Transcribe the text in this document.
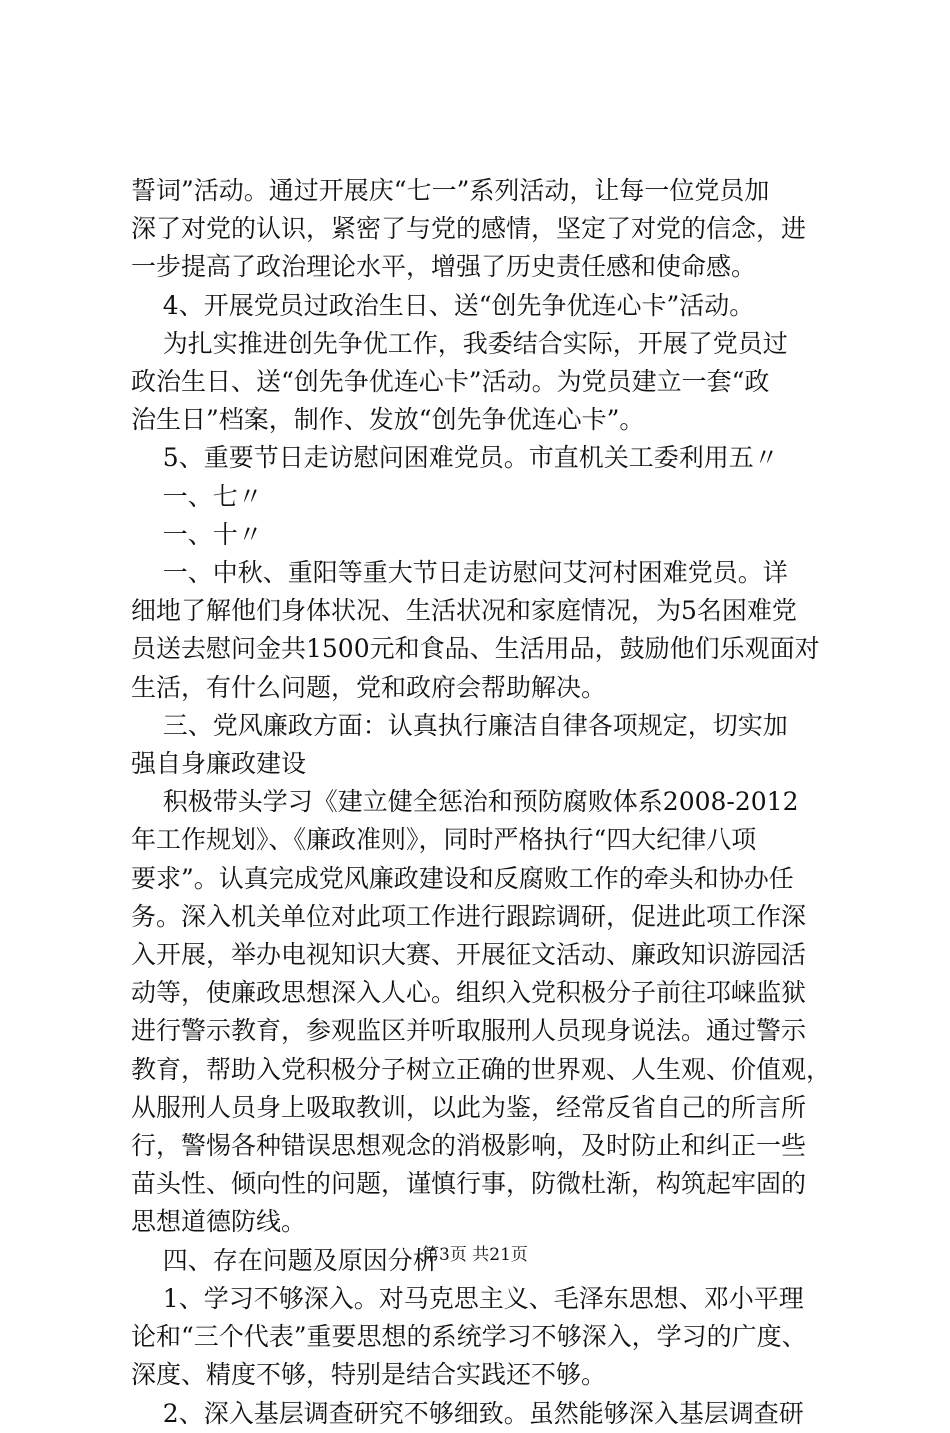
誓词”活动。通过开展庆“七一”系列活动，让每一位党员加

深了对党的认识，紧密了与党的感情，坚定了对党的信念，进

一步提高了政治理论水平，增强了历史责任感和使命感。

4、开展党员过政治生日、送“创先争优连心卡”活动。

为扎实推进创先争优工作，我委结合实际，开展了党员过

政治生日、送“创先争优连心卡”活动。为党员建立一套“政

治生日”档案，制作、发放“创先争优连心卡”。

5、重要节日走访慰问困难党员。市直机关工委利用五〃

一、七〃

一、十〃

一、中秋、重阳等重大节日走访慰问艾河村困难党员。详

细地了解他们身体状况、生活状况和家庭情况，为5名困难党

员送去慰问金共1500元和食品、生活用品，鼓励他们乐观面对

生活，有什么问题，党和政府会帮助解决。

三、党风廉政方面：认真执行廉洁自律各项规定，切实加

强自身廉政建设

积极带头学习《建立健全惩治和预防腐败体系2008-2012

年工作规划》、《廉政准则》，同时严格执行“四大纪律八项

要求”。认真完成党风廉政建设和反腐败工作的牵头和协办任

务。深入机关单位对此项工作进行跟踪调研，促进此项工作深

入开展，举办电视知识大赛、开展征文活动、廉政知识游园活

动等，使廉政思想深入人心。组织入党积极分子前往邛崃监狱

进行警示教育，参观监区并听取服刑人员现身说法。通过警示

教育，帮助入党积极分子树立正确的世界观、人生观、价值观，

从服刑人员身上吸取教训，以此为鉴，经常反省自己的所言所

行，警惕各种错误思想观念的消极影响，及时防止和纠正一些

苗头性、倾向性的问题，谨慎行事，防微杜渐，构筑起牢固的

思想道德防线。

四、存在问题及原因分析

1、学习不够深入。对马克思主义、毛泽东思想、邓小平理

论和“三个代表”重要思想的系统学习不够深入，学习的广度、

深度、精度不够，特别是结合实践还不够。

2、深入基层调查研究不够细致。虽然能够深入基层调查研

第3页 共21页
